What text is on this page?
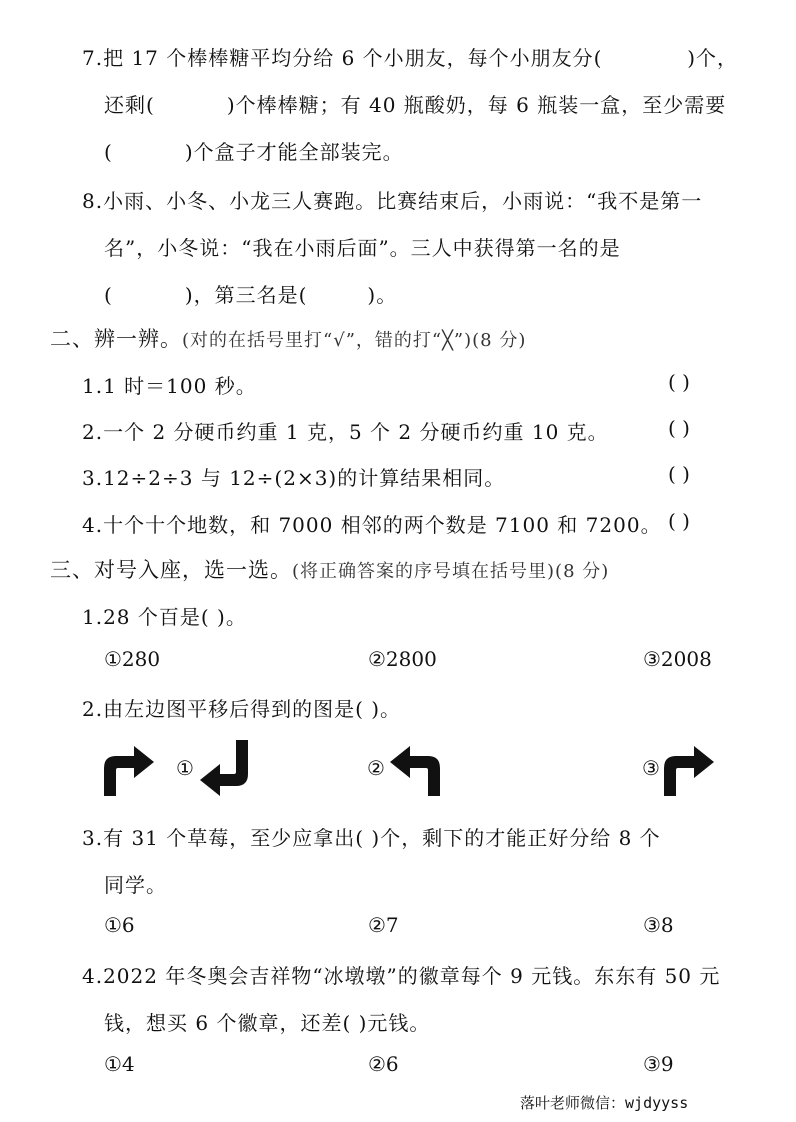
7.把 17 个棒棒糖平均分给 6 个小朋友，每个小朋友分(	)个，
还剩(	)个棒棒糖；有 40 瓶酸奶，每 6 瓶装一盒，至少需要
(	)个盒子才能全部装完。
8.小雨、小冬、小龙三人赛跑。比赛结束后，小雨说：“我不是第一
名”，小冬说：“我在小雨后面”。三人中获得第一名的是
(	)，第三名是(	)。
二、辨一辨。(对的在括号里打“√”，错的打“╳”)(8 分)
1.1 时＝100 秒。	( )
2.一个 2 分硬币约重 1 克，5 个 2 分硬币约重 10 克。	( )
3.12÷2÷3 与 12÷(2×3)的计算结果相同。	( )
4.十个十个地数，和 7000 相邻的两个数是 7100 和 7200。 ( )
三、对号入座，选一选。(将正确答案的序号填在括号里)(8 分)
1.28 个百是( )。
①280	②2800	③2008
2.由左边图平移后得到的图是( )。
①	②	③
3.有 31 个草莓，至少应拿出( )个，剩下的才能正好分给 8 个
同学。
①6	②7	③8
4.2022 年冬奥会吉祥物“冰墩墩”的徽章每个 9 元钱。东东有 50 元
钱，想买 6 个徽章，还差( )元钱。
①4	②6	③9
落叶老师微信：wjdyyss
